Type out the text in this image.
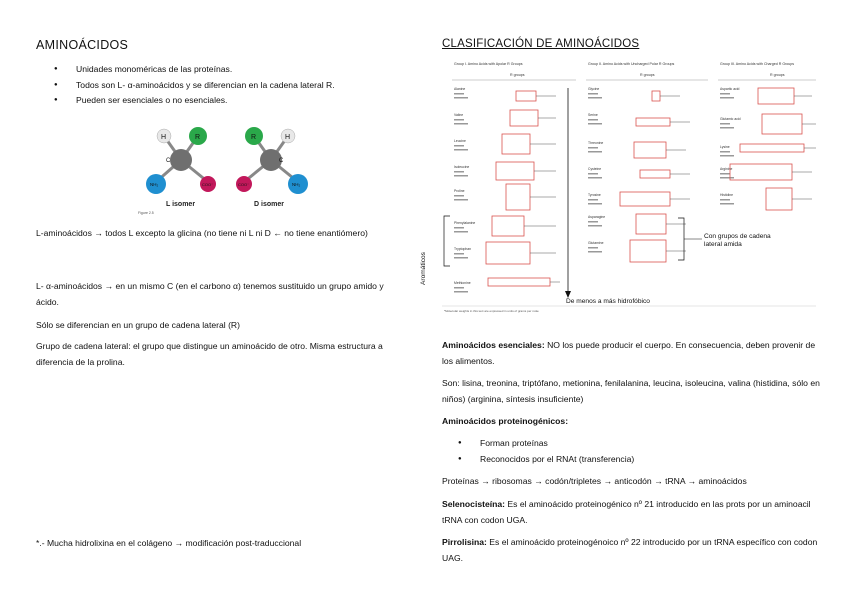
AMINOÁCIDOS
● Unidades monoméricas de las proteínas.
● Todos son L- α-aminoácidos y se diferencian en la cadena lateral R.
● Pueden ser esenciales o no esenciales.
H	R
C
NH₂	COO⁻
L isomer
R	H
C
COO⁻	NH₂
D isomer
Figure 2.5
L-aminoácidos → todos L excepto la glicina (no tiene ni L ni D ← no tiene enantiómero)
L- α-aminoácidos → en un mismo C (en el carbono α) tenemos sustituido un grupo amido y ácido.
Sólo se diferencian en un grupo de cadena lateral (R)
Grupo de cadena lateral: el grupo que distingue un aminoácido de otro. Misma estructura a diferencia de la prolina.
*.- Mucha hidrolixina en el colágeno → modificación post-traduccional
CLASIFICACIÓN DE AMINOÁCIDOS
Group I. Amino Acids with Apolar R Groups	Group II. Amino Acids with Uncharged Polar R Groups	Group III. Amino Acids with Charged R Groups
R groups	R groups	R groups
Alanine
Valine
Leucine
Isoleucine
Proline
Phenylalanine
Tryptophan
Methionine
Glycine
Serine
Threonine
Cysteine
Tyrosine
Asparagine
Glutamine
Aspartic acid
Glutamic acid
Lysine
Arginine
Histidine
*Molecular weights in this text are expressed in units of grams per mole
Aromáticos
De menos a más hidrofóbico
Con grupos de cadena lateral amida
Aminoácidos esenciales: NO los puede producir el cuerpo. En consecuencia, deben provenir de los alimentos.
Son: lisina, treonina, triptófano, metionina, fenilalanina, leucina, isoleucina, valina (histidina, sólo en niños) (arginina, síntesis insuficiente)
Aminoácidos proteinogénicos:
● Forman proteínas
● Reconocidos por el RNAt (transferencia)
Proteínas → ribosomas → codón/tripletes → anticodón → tRNA → aminoácidos
Selenocisteína: Es el aminoácido proteinogénico nº 21 introducido en las prots por un aminoacil tRNA con codon UGA.
Pirrolisina: Es el aminoácido proteinogénoico nº 22 introducido por un tRNA específico con codon UAG.
